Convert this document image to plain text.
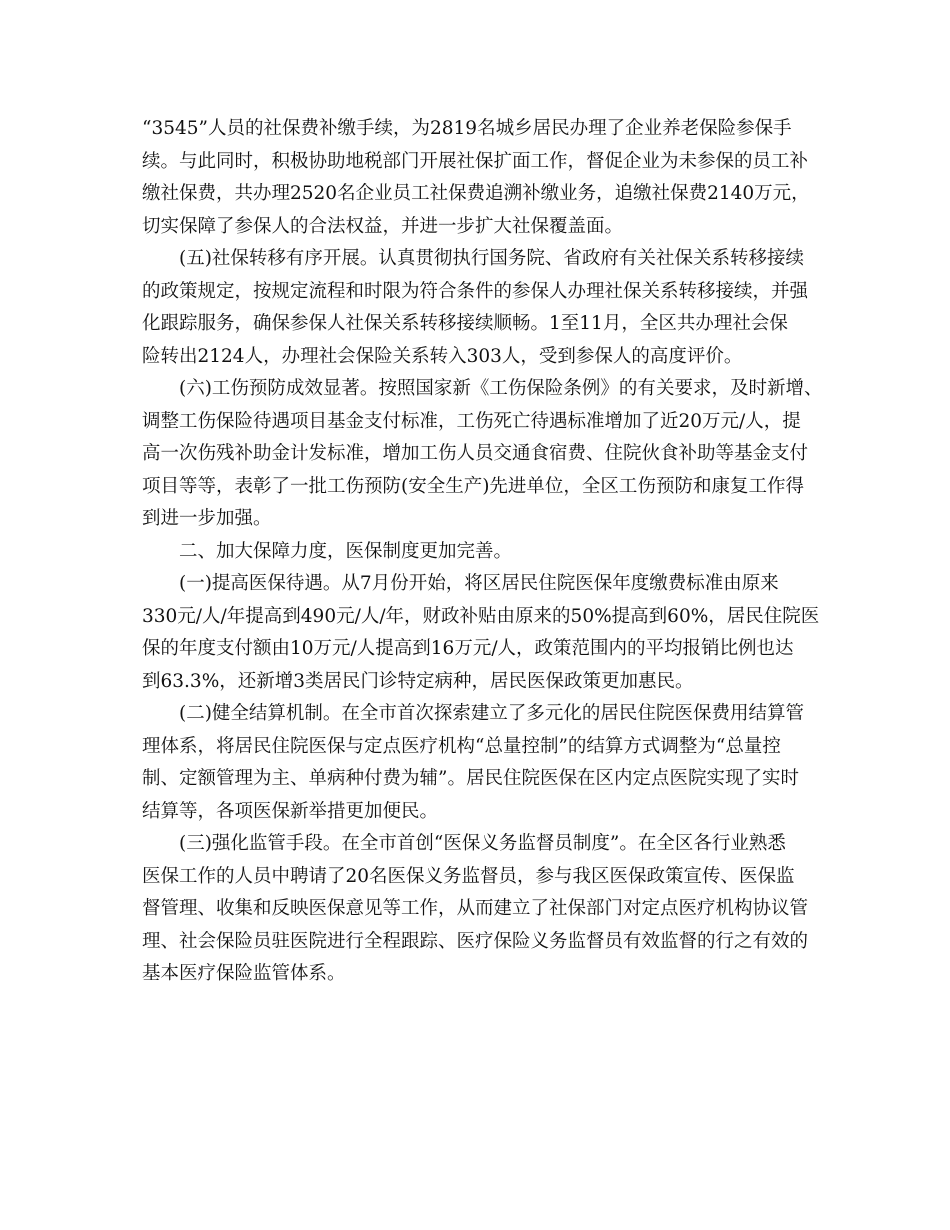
“3545”人员的社保费补缴手续，为2819名城乡居民办理了企业养老保险参保手
续。与此同时，积极协助地税部门开展社保扩面工作，督促企业为未参保的员工补
缴社保费，共办理2520名企业员工社保费追溯补缴业务，追缴社保费2140万元，
切实保障了参保人的合法权益，并进一步扩大社保覆盖面。
　　(五)社保转移有序开展。认真贯彻执行国务院、省政府有关社保关系转移接续
的政策规定，按规定流程和时限为符合条件的参保人办理社保关系转移接续，并强
化跟踪服务，确保参保人社保关系转移接续顺畅。1至11月，全区共办理社会保
险转出2124人，办理社会保险关系转入303人，受到参保人的高度评价。
　　(六)工伤预防成效显著。按照国家新《工伤保险条例》的有关要求，及时新增、
调整工伤保险待遇项目基金支付标准，工伤死亡待遇标准增加了近20万元/人，提
高一次伤残补助金计发标准，增加工伤人员交通食宿费、住院伙食补助等基金支付
项目等等，表彰了一批工伤预防(安全生产)先进单位，全区工伤预防和康复工作得
到进一步加强。
　　二、加大保障力度，医保制度更加完善。
　　(一)提高医保待遇。从7月份开始，将区居民住院医保年度缴费标准由原来
330元/人/年提高到490元/人/年，财政补贴由原来的50%提高到60%，居民住院医
保的年度支付额由10万元/人提高到16万元/人，政策范围内的平均报销比例也达
到63.3%，还新增3类居民门诊特定病种，居民医保政策更加惠民。
　　(二)健全结算机制。在全市首次探索建立了多元化的居民住院医保费用结算管
理体系，将居民住院医保与定点医疗机构“总量控制”的结算方式调整为“总量控
制、定额管理为主、单病种付费为辅”。居民住院医保在区内定点医院实现了实时
结算等，各项医保新举措更加便民。
　　(三)强化监管手段。在全市首创“医保义务监督员制度”。在全区各行业熟悉
医保工作的人员中聘请了20名医保义务监督员，参与我区医保政策宣传、医保监
督管理、收集和反映医保意见等工作，从而建立了社保部门对定点医疗机构协议管
理、社会保险员驻医院进行全程跟踪、医疗保险义务监督员有效监督的行之有效的
基本医疗保险监管体系。
